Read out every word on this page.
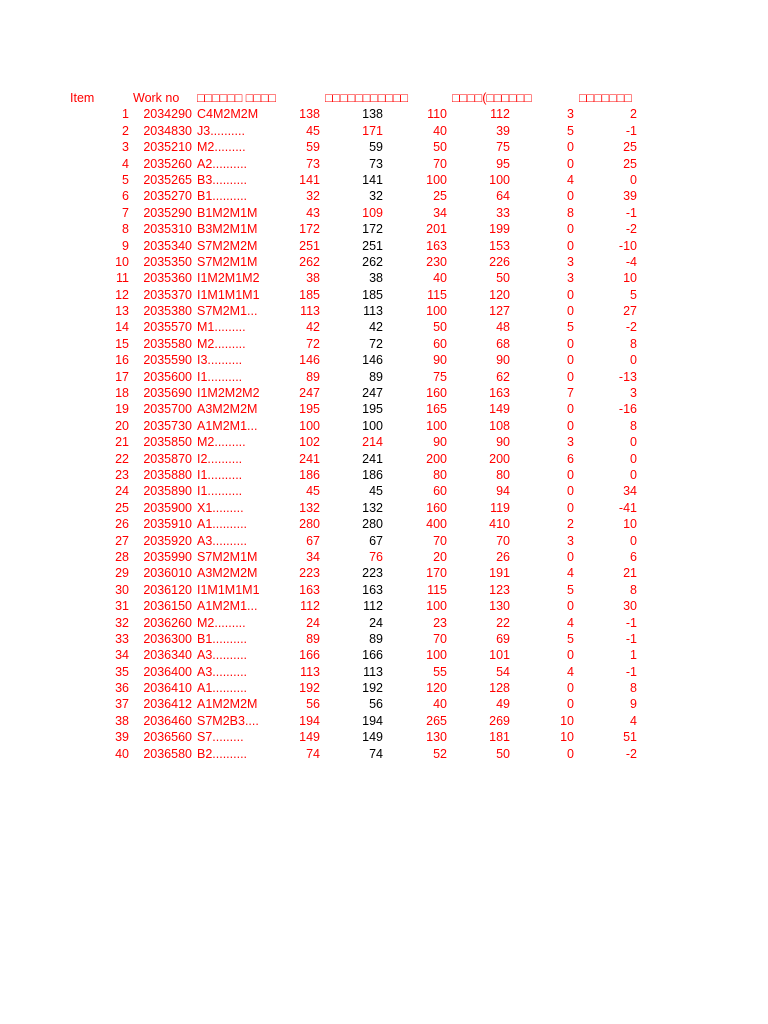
Item	Work no □□□□□□ □□□□	□□□□□□□□□□□	□□□□(□□□□□□	□□□□□□□
1 2034290 C4M2M2M	138	138	110	112	3	2
2 2034830 J3..........	45	171	40	39	5	-1
3 2035210 M2.........	59	59	50	75	0	25
4 2035260 A2..........	73	73	70	95	0	25
5 2035265 B3..........	141	141	100	100	4	0
6 2035270 B1..........	32	32	25	64	0	39
7 2035290 B1M2M1M	43	109	34	33	8	-1
8 2035310 B3M2M1M	172	172	201	199	0	-2
9 2035340 S7M2M2M	251	251	163	153	0	-10
10 2035350 S7M2M1M	262	262	230	226	3	-4
11 2035360 I1M2M1M2	38	38	40	50	3	10
12 2035370 I1M1M1M1	185	185	115	120	0	5
13 2035380 S7M2M1...	113	113	100	127	0	27
14 2035570 M1.........	42	42	50	48	5	-2
15 2035580 M2.........	72	72	60	68	0	8
16 2035590 I3..........	146	146	90	90	0	0
17 2035600 I1..........	89	89	75	62	0	-13
18 2035690 I1M2M2M2	247	247	160	163	7	3
19 2035700 A3M2M2M	195	195	165	149	0	-16
20 2035730 A1M2M1...	100	100	100	108	0	8
21 2035850 M2.........	102	214	90	90	3	0
22 2035870 I2..........	241	241	200	200	6	0
23 2035880 I1..........	186	186	80	80	0	0
24 2035890 I1..........	45	45	60	94	0	34
25 2035900 X1.........	132	132	160	119	0	-41
26 2035910 A1..........	280	280	400	410	2	10
27 2035920 A3..........	67	67	70	70	3	0
28 2035990 S7M2M1M	34	76	20	26	0	6
29 2036010 A3M2M2M	223	223	170	191	4	21
30 2036120 I1M1M1M1	163	163	115	123	5	8
31 2036150 A1M2M1...	112	112	100	130	0	30
32 2036260 M2.........	24	24	23	22	4	-1
33 2036300 B1..........	89	89	70	69	5	-1
34 2036340 A3..........	166	166	100	101	0	1
35 2036400 A3..........	113	113	55	54	4	-1
36 2036410 A1..........	192	192	120	128	0	8
37 2036412 A1M2M2M	56	56	40	49	0	9
38 2036460 S7M2B3....	194	194	265	269	10	4
39 2036560 S7.........	149	149	130	181	10	51
40 2036580 B2..........	74	74	52	50	0	-2
